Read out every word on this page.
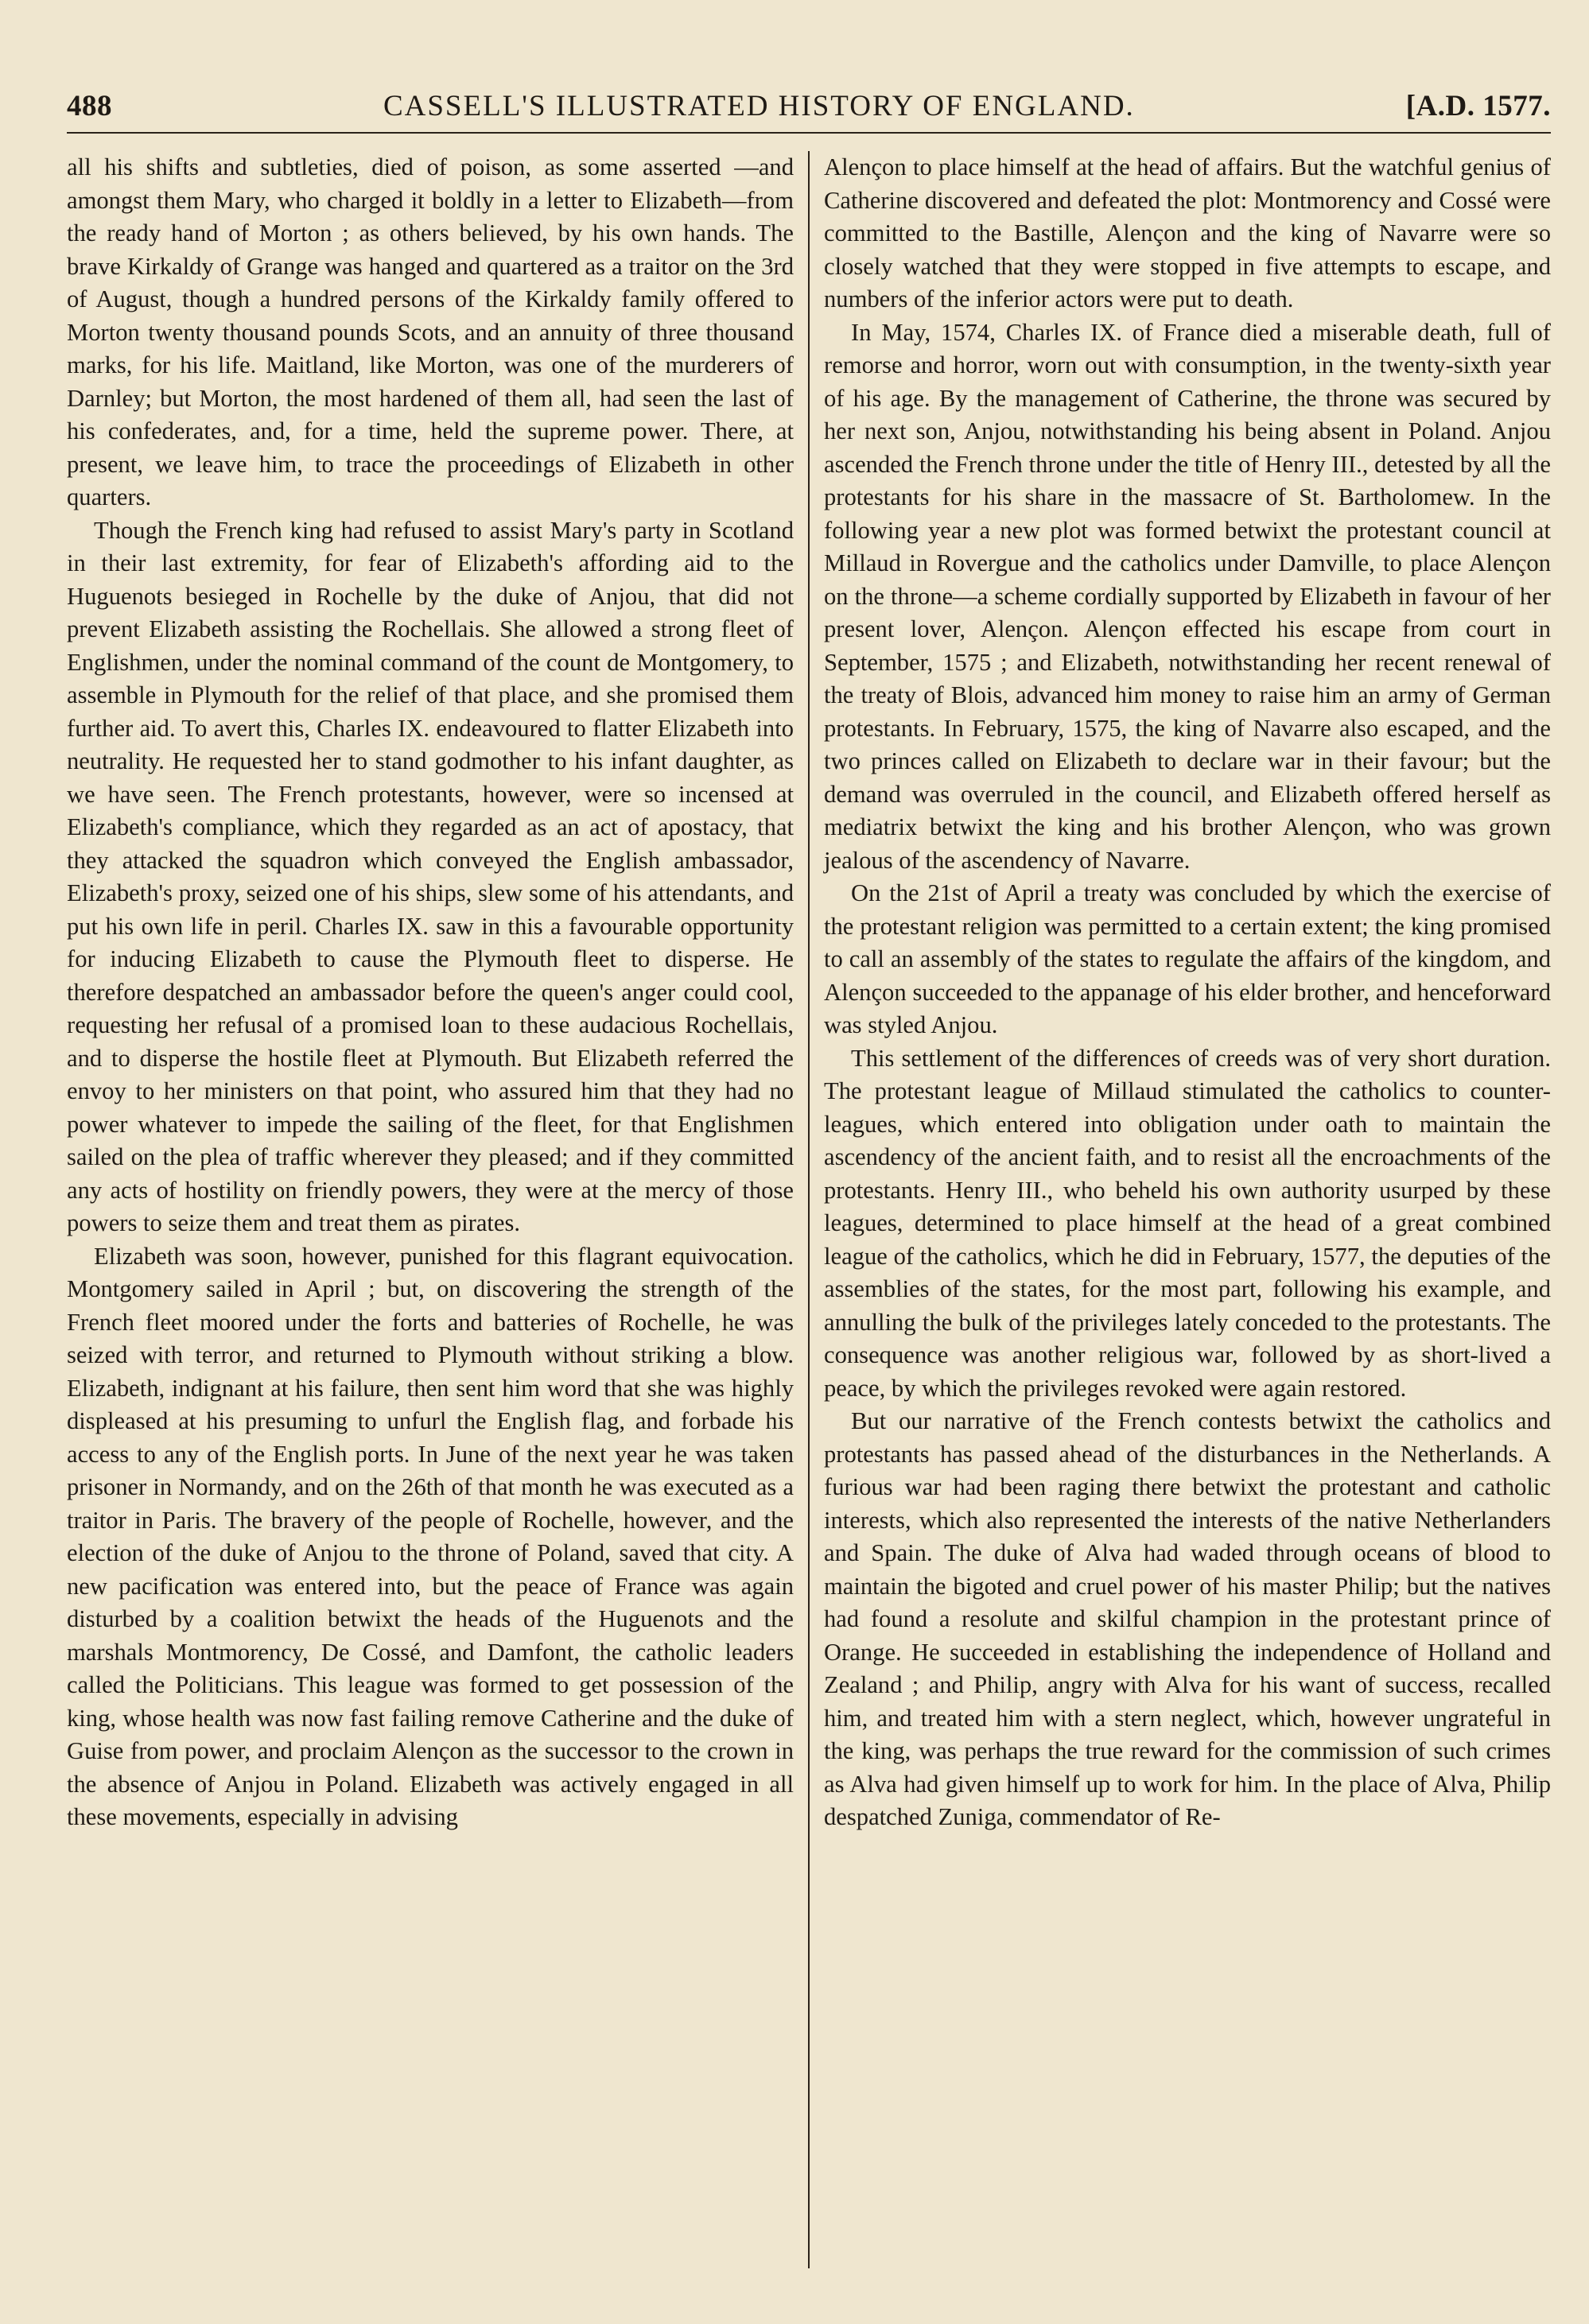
488	CASSELL'S ILLUSTRATED HISTORY OF ENGLAND.	[A.D. 1577.

all his shifts and subtleties, died of poison, as some asserted —and amongst them Mary, who charged it boldly in a letter to Elizabeth—from the ready hand of Morton ; as others believed, by his own hands. The brave Kirkaldy of Grange was hanged and quartered as a traitor on the 3rd of August, though a hundred persons of the Kirkaldy family offered to Morton twenty thousand pounds Scots, and an annuity of three thousand marks, for his life. Maitland, like Morton, was one of the murderers of Darnley; but Morton, the most hardened of them all, had seen the last of his confederates, and, for a time, held the supreme power. There, at present, we leave him, to trace the proceedings of Elizabeth in other quarters.

Though the French king had refused to assist Mary's party in Scotland in their last extremity, for fear of Elizabeth's affording aid to the Huguenots besieged in Rochelle by the duke of Anjou, that did not prevent Elizabeth assisting the Rochellais. She allowed a strong fleet of Englishmen, under the nominal command of the count de Montgomery, to assemble in Plymouth for the relief of that place, and she promised them further aid. To avert this, Charles IX. endeavoured to flatter Elizabeth into neutrality. He requested her to stand godmother to his infant daughter, as we have seen. The French protestants, however, were so incensed at Elizabeth's compliance, which they regarded as an act of apostacy, that they attacked the squadron which conveyed the English ambassador, Elizabeth's proxy, seized one of his ships, slew some of his attendants, and put his own life in peril. Charles IX. saw in this a favourable opportunity for inducing Elizabeth to cause the Plymouth fleet to disperse. He therefore despatched an ambassador before the queen's anger could cool, requesting her refusal of a promised loan to these audacious Rochellais, and to disperse the hostile fleet at Plymouth. But Elizabeth referred the envoy to her ministers on that point, who assured him that they had no power whatever to impede the sailing of the fleet, for that Englishmen sailed on the plea of traffic wherever they pleased; and if they committed any acts of hostility on friendly powers, they were at the mercy of those powers to seize them and treat them as pirates.

Elizabeth was soon, however, punished for this flagrant equivocation. Montgomery sailed in April ; but, on discovering the strength of the French fleet moored under the forts and batteries of Rochelle, he was seized with terror, and returned to Plymouth without striking a blow. Elizabeth, indignant at his failure, then sent him word that she was highly displeased at his presuming to unfurl the English flag, and forbade his access to any of the English ports. In June of the next year he was taken prisoner in Normandy, and on the 26th of that month he was executed as a traitor in Paris. The bravery of the people of Rochelle, however, and the election of the duke of Anjou to the throne of Poland, saved that city. A new pacification was entered into, but the peace of France was again disturbed by a coalition betwixt the heads of the Huguenots and the marshals Montmorency, De Cossé, and Damfont, the catholic leaders called the Politicians. This league was formed to get possession of the king, whose health was now fast failing remove Catherine and the duke of Guise from power, and proclaim Alençon as the successor to the crown in the absence of Anjou in Poland. Elizabeth was actively engaged in all these movements, especially in advising

Alençon to place himself at the head of affairs. But the watchful genius of Catherine discovered and defeated the plot: Montmorency and Cossé were committed to the Bastille, Alençon and the king of Navarre were so closely watched that they were stopped in five attempts to escape, and numbers of the inferior actors were put to death.

In May, 1574, Charles IX. of France died a miserable death, full of remorse and horror, worn out with consumption, in the twenty-sixth year of his age. By the management of Catherine, the throne was secured by her next son, Anjou, notwithstanding his being absent in Poland. Anjou ascended the French throne under the title of Henry III., detested by all the protestants for his share in the massacre of St. Bartholomew. In the following year a new plot was formed betwixt the protestant council at Millaud in Rovergue and the catholics under Damville, to place Alençon on the throne—a scheme cordially supported by Elizabeth in favour of her present lover, Alençon. Alençon effected his escape from court in September, 1575 ; and Elizabeth, notwithstanding her recent renewal of the treaty of Blois, advanced him money to raise him an army of German protestants. In February, 1575, the king of Navarre also escaped, and the two princes called on Elizabeth to declare war in their favour; but the demand was overruled in the council, and Elizabeth offered herself as mediatrix betwixt the king and his brother Alençon, who was grown jealous of the ascendency of Navarre.

On the 21st of April a treaty was concluded by which the exercise of the protestant religion was permitted to a certain extent; the king promised to call an assembly of the states to regulate the affairs of the kingdom, and Alençon succeeded to the appanage of his elder brother, and henceforward was styled Anjou.

This settlement of the differences of creeds was of very short duration. The protestant league of Millaud stimulated the catholics to counter-leagues, which entered into obligation under oath to maintain the ascendency of the ancient faith, and to resist all the encroachments of the protestants. Henry III., who beheld his own authority usurped by these leagues, determined to place himself at the head of a great combined league of the catholics, which he did in February, 1577, the deputies of the assemblies of the states, for the most part, following his example, and annulling the bulk of the privileges lately conceded to the protestants. The consequence was another religious war, followed by as short-lived a peace, by which the privileges revoked were again restored.

But our narrative of the French contests betwixt the catholics and protestants has passed ahead of the disturbances in the Netherlands. A furious war had been raging there betwixt the protestant and catholic interests, which also represented the interests of the native Netherlanders and Spain. The duke of Alva had waded through oceans of blood to maintain the bigoted and cruel power of his master Philip; but the natives had found a resolute and skilful champion in the protestant prince of Orange. He succeeded in establishing the independence of Holland and Zealand ; and Philip, angry with Alva for his want of success, recalled him, and treated him with a stern neglect, which, however ungrateful in the king, was perhaps the true reward for the commission of such crimes as Alva had given himself up to work for him. In the place of Alva, Philip despatched Zuniga, commendator of Re-
